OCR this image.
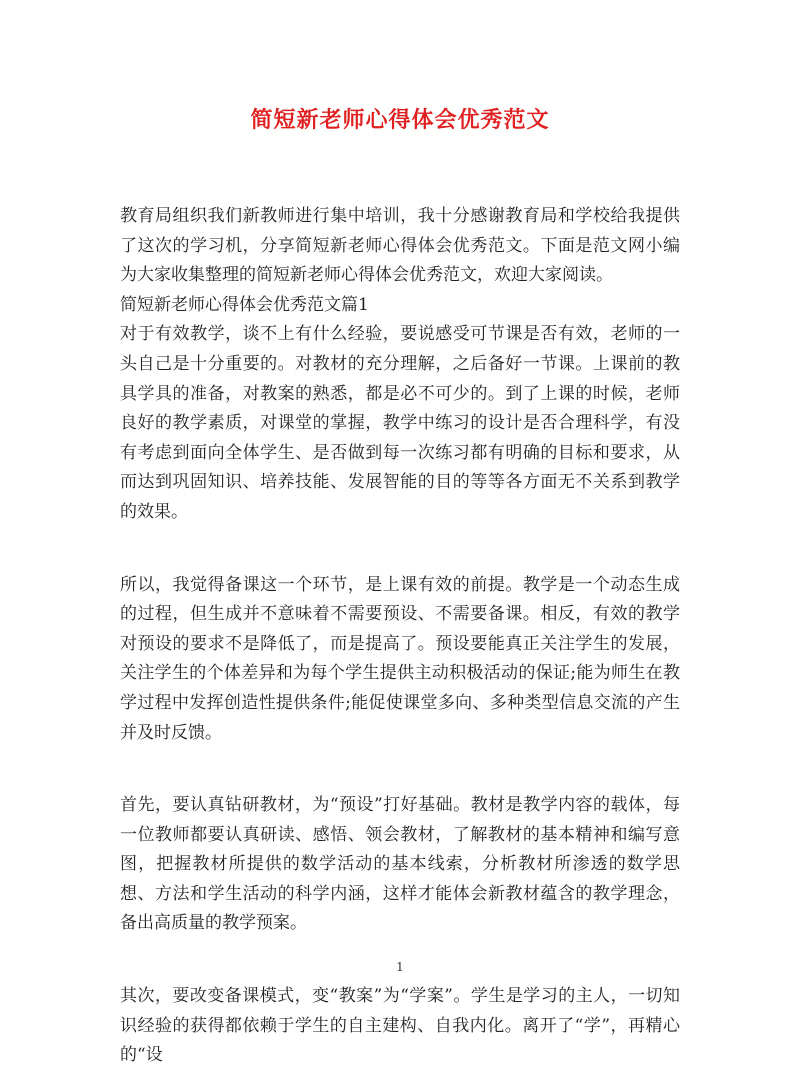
简短新老师心得体会优秀范文

教育局组织我们新教师进行集中培训，我十分感谢教育局和学校给我提供了这次的学习机，分享简短新老师心得体会优秀范文。下面是范文网小编为大家收集整理的简短新老师心得体会优秀范文，欢迎大家阅读。

简短新老师心得体会优秀范文篇1

对于有效教学，谈不上有什么经验，要说感受可节课是否有效，老师的一头自己是十分重要的。对教材的充分理解，之后备好一节课。上课前的教具学具的准备，对教案的熟悉，都是必不可少的。到了上课的时候，老师良好的教学素质，对课堂的掌握，教学中练习的设计是否合理科学，有没有考虑到面向全体学生、是否做到每一次练习都有明确的目标和要求，从而达到巩固知识、培养技能、发展智能的目的等等各方面无不关系到教学的效果。

所以，我觉得备课这一个环节，是上课有效的前提。教学是一个动态生成的过程，但生成并不意味着不需要预设、不需要备课。相反，有效的教学对预设的要求不是降低了，而是提高了。预设要能真正关注学生的发展，关注学生的个体差异和为每个学生提供主动积极活动的保证;能为师生在教学过程中发挥创造性提供条件;能促使课堂多向、多种类型信息交流的产生并及时反馈。

首先，要认真钻研教材，为“预设”打好基础。教材是教学内容的载体，每一位教师都要认真研读、感悟、领会教材，了解教材的基本精神和编写意图，把握教材所提供的数学活动的基本线索，分析教材所渗透的数学思想、方法和学生活动的科学内涵，这样才能体会新教材蕴含的教学理念，备出高质量的教学预案。

其次，要改变备课模式，变“教案”为“学案”。学生是学习的主人，一切知识经验的获得都依赖于学生的自主建构、自我内化。离开了“学”，再精心的“设

1
